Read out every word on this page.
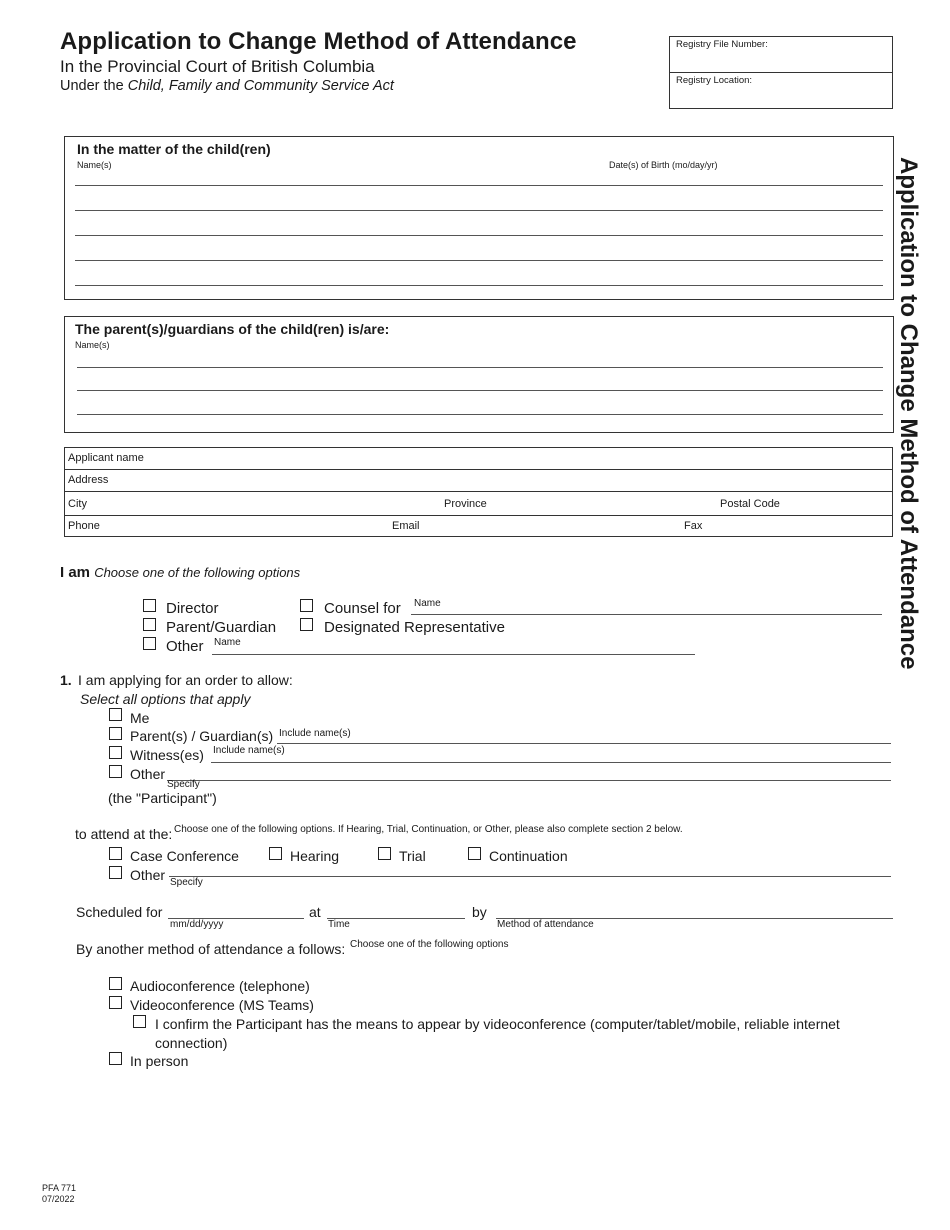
Application to Change Method of Attendance
In the Provincial Court of British Columbia
Under the Child, Family and Community Service Act
Registry File Number:
Registry Location:
Application to Change Method of Attendance
In the matter of the child(ren)
Name(s)	Date(s) of Birth (mo/day/yr)
The parent(s)/guardians of the child(ren) is/are:
Name(s)
Applicant name
Address
City	Province	Postal Code
Phone	Email	Fax
I am Choose one of the following options
Director	Counsel for Name
Parent/Guardian	Designated Representative
Other Name
1. I am applying for an order to allow:
Select all options that apply
Me
Parent(s) / Guardian(s) Include name(s)
Witness(es) Include name(s)
Other
Specify
(the "Participant")
to attend at the: Choose one of the following options. If Hearing, Trial, Continuation, or Other, please also complete section 2 below.
Case Conference	Hearing	Trial	Continuation
Other Specify
Scheduled for
mm/dd/yyyy
at
Time
by
Method of attendance
By another method of attendance a follows: Choose one of the following options
Audioconference (telephone)
Videoconference (MS Teams)
I confirm the Participant has the means to appear by videoconference (computer/tablet/mobile, reliable internet
connection)
In person
PFA 771
07/2022
